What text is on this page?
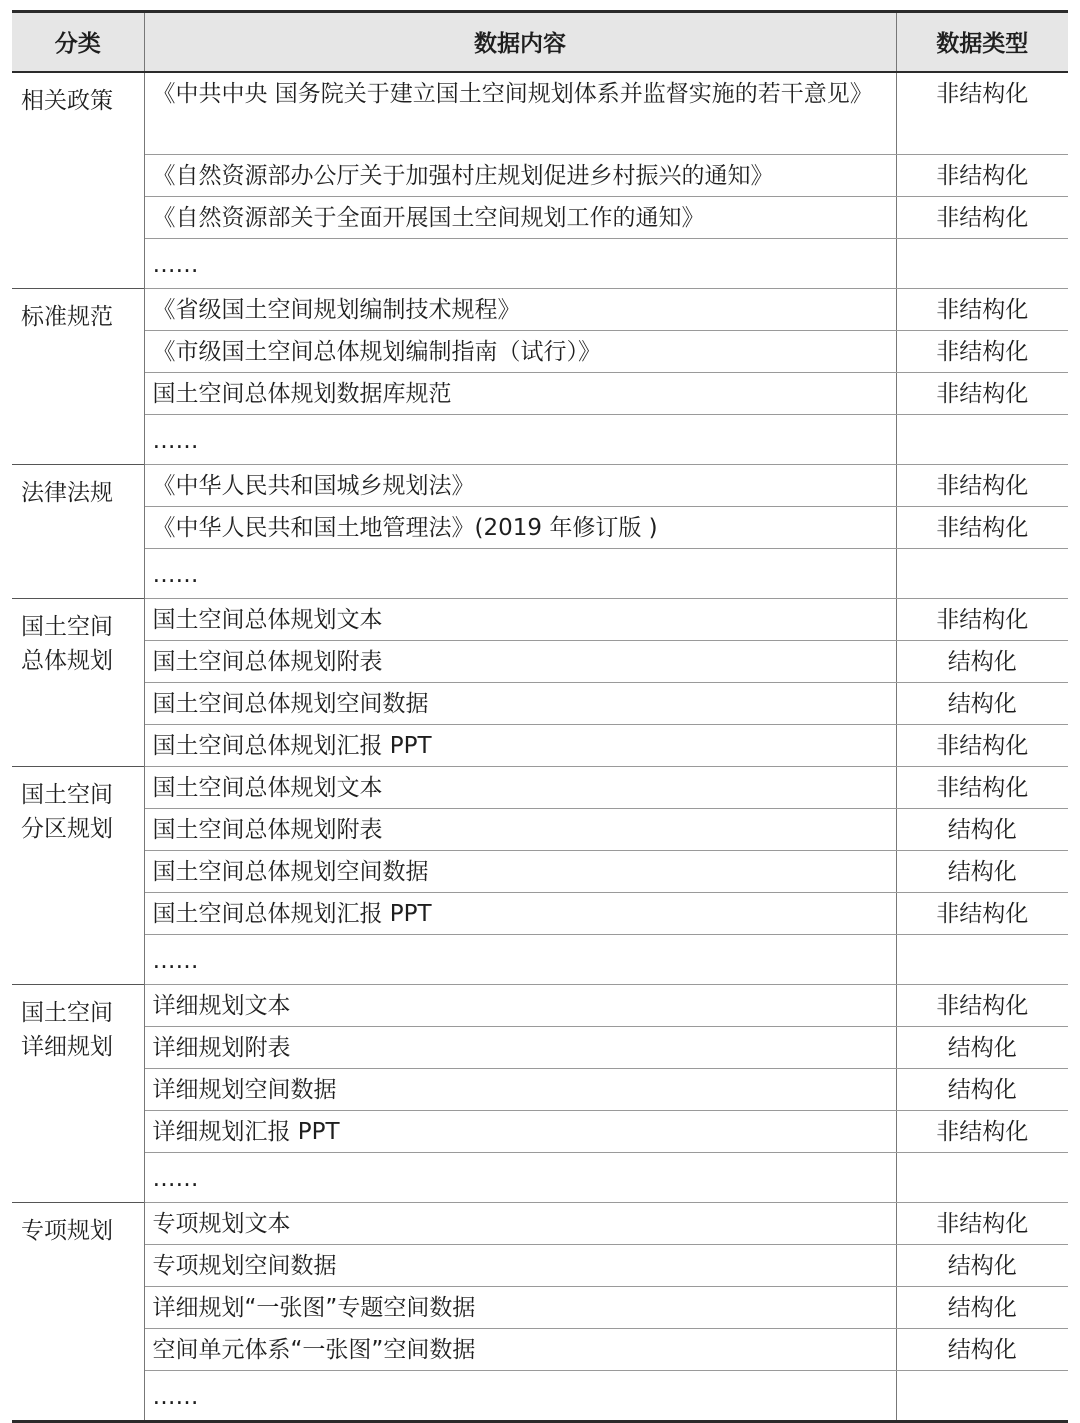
分类	数据内容	数据类型
相关政策	《中共中央 国务院关于建立国土空间规划体系并监督实施的若干意见》	非结构化
	《自然资源部办公厅关于加强村庄规划促进乡村振兴的通知》	非结构化
	《自然资源部关于全面开展国土空间规划工作的通知》	非结构化
	……	
标准规范	《省级国土空间规划编制技术规程》	非结构化
	《市级国土空间总体规划编制指南（试行）》	非结构化
	国土空间总体规划数据库规范	非结构化
	……	
法律法规	《中华人民共和国城乡规划法》	非结构化
	《中华人民共和国土地管理法》(2019 年修订版 )	非结构化
	……	
国土空间总体规划	国土空间总体规划文本	非结构化
	国土空间总体规划附表	结构化
	国土空间总体规划空间数据	结构化
	国土空间总体规划汇报 PPT	非结构化
国土空间分区规划	国土空间总体规划文本	非结构化
	国土空间总体规划附表	结构化
	国土空间总体规划空间数据	结构化
	国土空间总体规划汇报 PPT	非结构化
	……	
国土空间详细规划	详细规划文本	非结构化
	详细规划附表	结构化
	详细规划空间数据	结构化
	详细规划汇报 PPT	非结构化
	……	
专项规划	专项规划文本	非结构化
	专项规划空间数据	结构化
	详细规划“一张图”专题空间数据	结构化
	空间单元体系“一张图”空间数据	结构化
	……	
